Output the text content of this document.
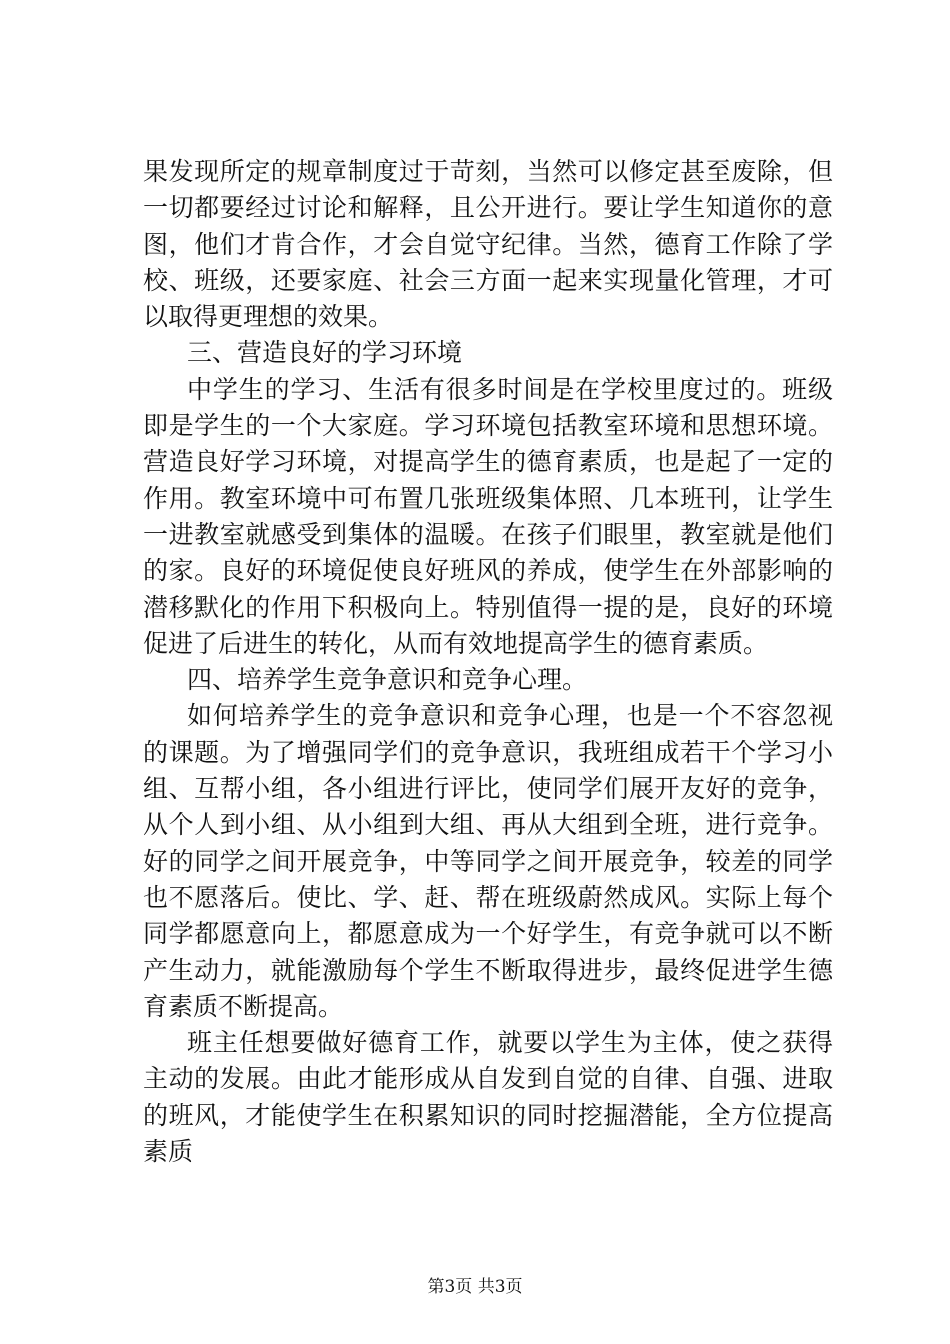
果发现所定的规章制度过于苛刻，当然可以修定甚至废除，但
一切都要经过讨论和解释，且公开进行。要让学生知道你的意
图，他们才肯合作，才会自觉守纪律。当然，德育工作除了学
校、班级，还要家庭、社会三方面一起来实现量化管理，才可
以取得更理想的效果。
三、营造良好的学习环境
中学生的学习、生活有很多时间是在学校里度过的。班级
即是学生的一个大家庭。学习环境包括教室环境和思想环境。
营造良好学习环境，对提高学生的德育素质，也是起了一定的
作用。教室环境中可布置几张班级集体照、几本班刊，让学生
一进教室就感受到集体的温暖。在孩子们眼里，教室就是他们
的家。良好的环境促使良好班风的养成，使学生在外部影响的
潜移默化的作用下积极向上。特别值得一提的是，良好的环境
促进了后进生的转化，从而有效地提高学生的德育素质。
四、培养学生竞争意识和竞争心理。
如何培养学生的竞争意识和竞争心理，也是一个不容忽视
的课题。为了增强同学们的竞争意识，我班组成若干个学习小
组、互帮小组，各小组进行评比，使同学们展开友好的竞争，
从个人到小组、从小组到大组、再从大组到全班，进行竞争。
好的同学之间开展竞争，中等同学之间开展竞争，较差的同学
也不愿落后。使比、学、赶、帮在班级蔚然成风。实际上每个
同学都愿意向上，都愿意成为一个好学生，有竞争就可以不断
产生动力，就能激励每个学生不断取得进步，最终促进学生德
育素质不断提高。
班主任想要做好德育工作，就要以学生为主体，使之获得
主动的发展。由此才能形成从自发到自觉的自律、自强、进取
的班风，才能使学生在积累知识的同时挖掘潜能，全方位提高
素质
第3页 共3页
